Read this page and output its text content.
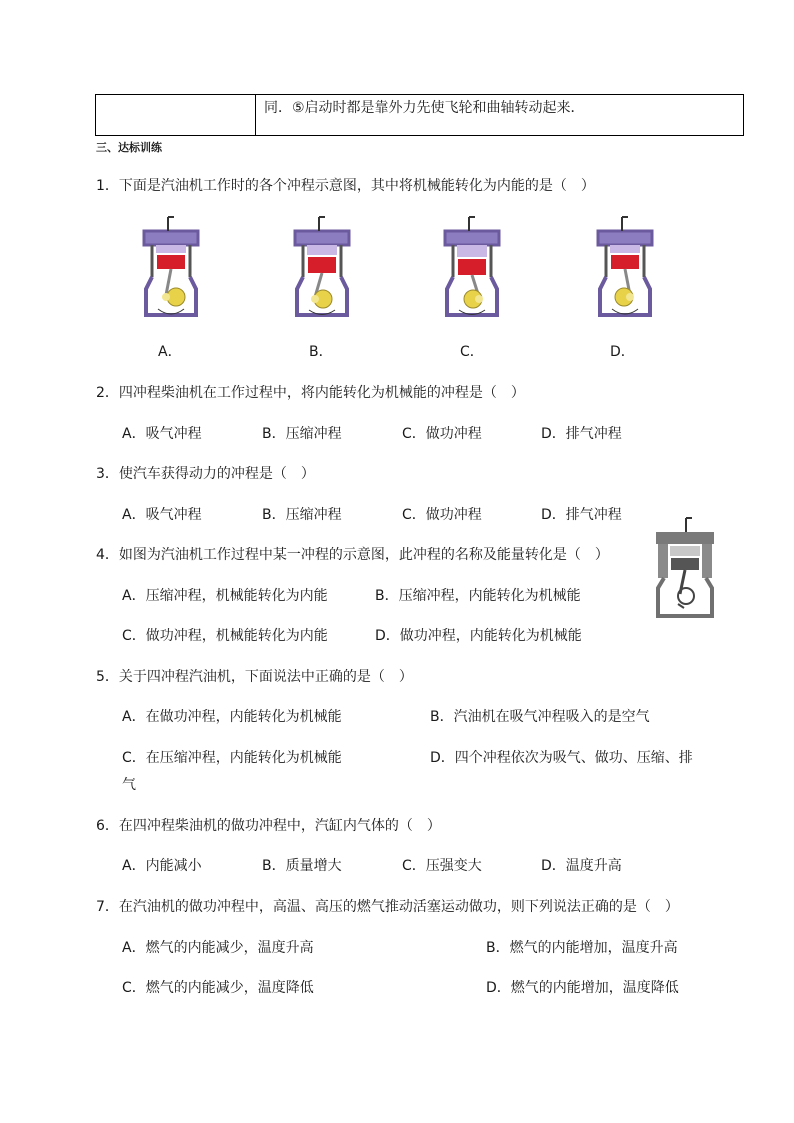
同．⑤启动时都是靠外力先使飞轮和曲轴转动起来．
三、达标训练
1．下面是汽油机工作时的各个冲程示意图，其中将机械能转化为内能的是（　）
A．	B．	C．	D．
2．四冲程柴油机在工作过程中，将内能转化为机械能的冲程是（　）
A．吸气冲程	B．压缩冲程	C．做功冲程	D．排气冲程
3．使汽车获得动力的冲程是（　）
A．吸气冲程	B．压缩冲程	C．做功冲程	D．排气冲程
4．如图为汽油机工作过程中某一冲程的示意图，此冲程的名称及能量转化是（　）
A．压缩冲程，机械能转化为内能	B．压缩冲程，内能转化为机械能
C．做功冲程，机械能转化为内能	D．做功冲程，内能转化为机械能
5．关于四冲程汽油机，下面说法中正确的是（　）
A．在做功冲程，内能转化为机械能	B．汽油机在吸气冲程吸入的是空气
C．在压缩冲程，内能转化为机械能	D．四个冲程依次为吸气、做功、压缩、排
气
6．在四冲程柴油机的做功冲程中，汽缸内气体的（　）
A．内能减小	B．质量增大	C．压强变大	D．温度升高
7．在汽油机的做功冲程中，高温、高压的燃气推动活塞运动做功，则下列说法正确的是（　）
A．燃气的内能减少，温度升高	B．燃气的内能增加，温度升高
C．燃气的内能减少，温度降低	D．燃气的内能增加，温度降低
